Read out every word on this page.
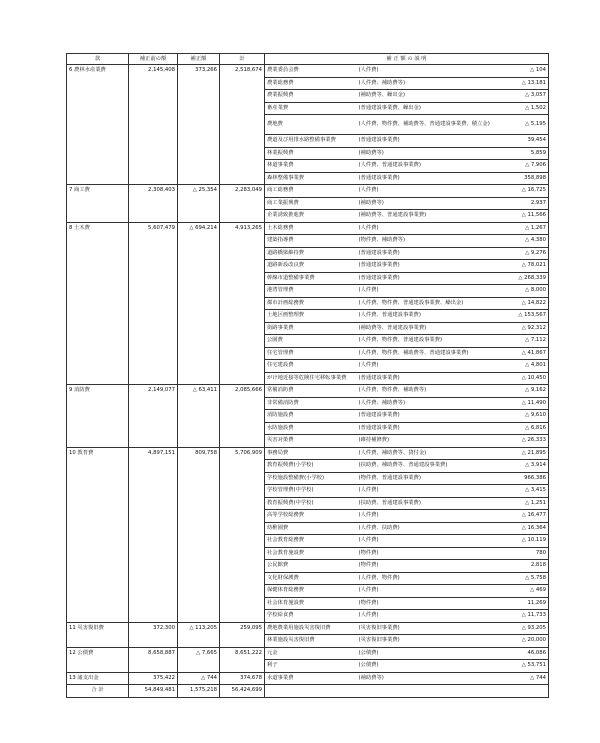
款	補正前の額	補正額	計	補 正 額 の 説 明		
6 農林水産業費	2,145,408	373,266	2,518,674	農業委員会費	(人件費)	△ 104
				農業総務費	(人件費、補助費等)	△ 13,181
				農業振興費	(補助費等、繰出金)	△ 3,057
				畜産業費	(普通建設事業費、繰出金)	△ 1,502
				農地費	(人件費、物件費、補助費等、普通建設事業費、積立金)	△ 5,195
				農道及び用排水路整備事業費	(普通建設事業費)	39,454
				林業振興費	(補助費等)	5,859
				林道事業費	(人件費、普通建設事業費)	△ 7,906
				森林整備事業費	(普通建設事業費)	358,898
7 商工費	2,308,403	△ 25,354	2,283,049	商工総務費	(人件費)	△ 16,725
				商工業振興費	(補助費等)	2,937
				企業誘致推進費	(補助費等、普通建設事業費)	△ 11,566
8 土木費	5,607,479	△ 694,214	4,913,265	土木総務費	(人件費)	△ 1,267
				建築指導費	(物件費、補助費等)	△ 4,380
				道路橋梁維持費	(普通建設事業費)	△ 9,276
				道路新設改良費	(普通建設事業費)	△ 78,021
				幹線市道整備事業費	(普通建設事業費)	△ 268,339
				港湾管理費	(人件費)	△ 8,000
				都市計画総務費	(人件費、物件費、普通建設事業費、繰出金)	△ 14,822
				土地区画整理費	(人件費、普通建設事業費)	△ 153,567
				街路事業費	(補助費等、普通建設事業費)	△ 92,312
				公園費	(人件費、物件費、普通建設事業費)	△ 7,112
				住宅管理費	(人件費、物件費、補助費等、普通建設事業費)	△ 41,867
				住宅建設費	(人件費)	△ 4,801
				がけ地近接等危険住宅移転事業費	(普通建設事業費)	△ 10,450
9 消防費	2,149,077	△ 63,411	2,085,666	常備消防費	(人件費、物件費、補助費等)	△ 9,162
				非常備消防費	(人件費、補助費等)	△ 11,490
				消防施設費	(普通建設事業費)	△ 9,610
				水防施設費	(普通建設事業費)	△ 6,816
				災害対策費	(維持補修費)	△ 26,333
10 教育費	4,897,151	809,758	5,706,909	事務局費	(人件費、補助費等、貸付金)	△ 21,895
				教育振興費(小学校)	(扶助費、補助費等、普通建設事業費)	△ 3,914
				学校施設整備費(小学校)	(物件費、普通建設事業費)	966,386
				学校管理費(中学校)	(人件費)	△ 3,415
				教育振興費(中学校)	(扶助費、普通建設事業費)	△ 1,251
				高等学校総務費	(人件費)	△ 16,477
				幼稚園費	(人件費、扶助費)	△ 16,364
				社会教育総務費	(人件費)	△ 10,119
				社会教育施設費	(物件費)	780
				公民館費	(物件費)	2,818
				文化財保護費	(人件費、物件費)	△ 5,758
				保健体育総務費	(人件費)	△ 469
				社会体育施設費	(物件費)	11,269
				学校給食費	(人件費)	△ 11,733
11 災害復旧費	372,300	△ 113,205	259,095	農地農業用施設災害復旧費	(災害復旧事業費)	△ 93,205
				林業施設災害復旧費	(災害復旧事業費)	△ 20,000
12 公債費	8,658,887	△ 7,665	8,651,222	元金	(公債費)	46,086
				利子	(公債費)	△ 53,751
13 諸支出金	375,422	△ 744	374,678	水道事業費	(補助費等)	△ 744
合 計	54,849,481	1,575,218	56,424,699			
